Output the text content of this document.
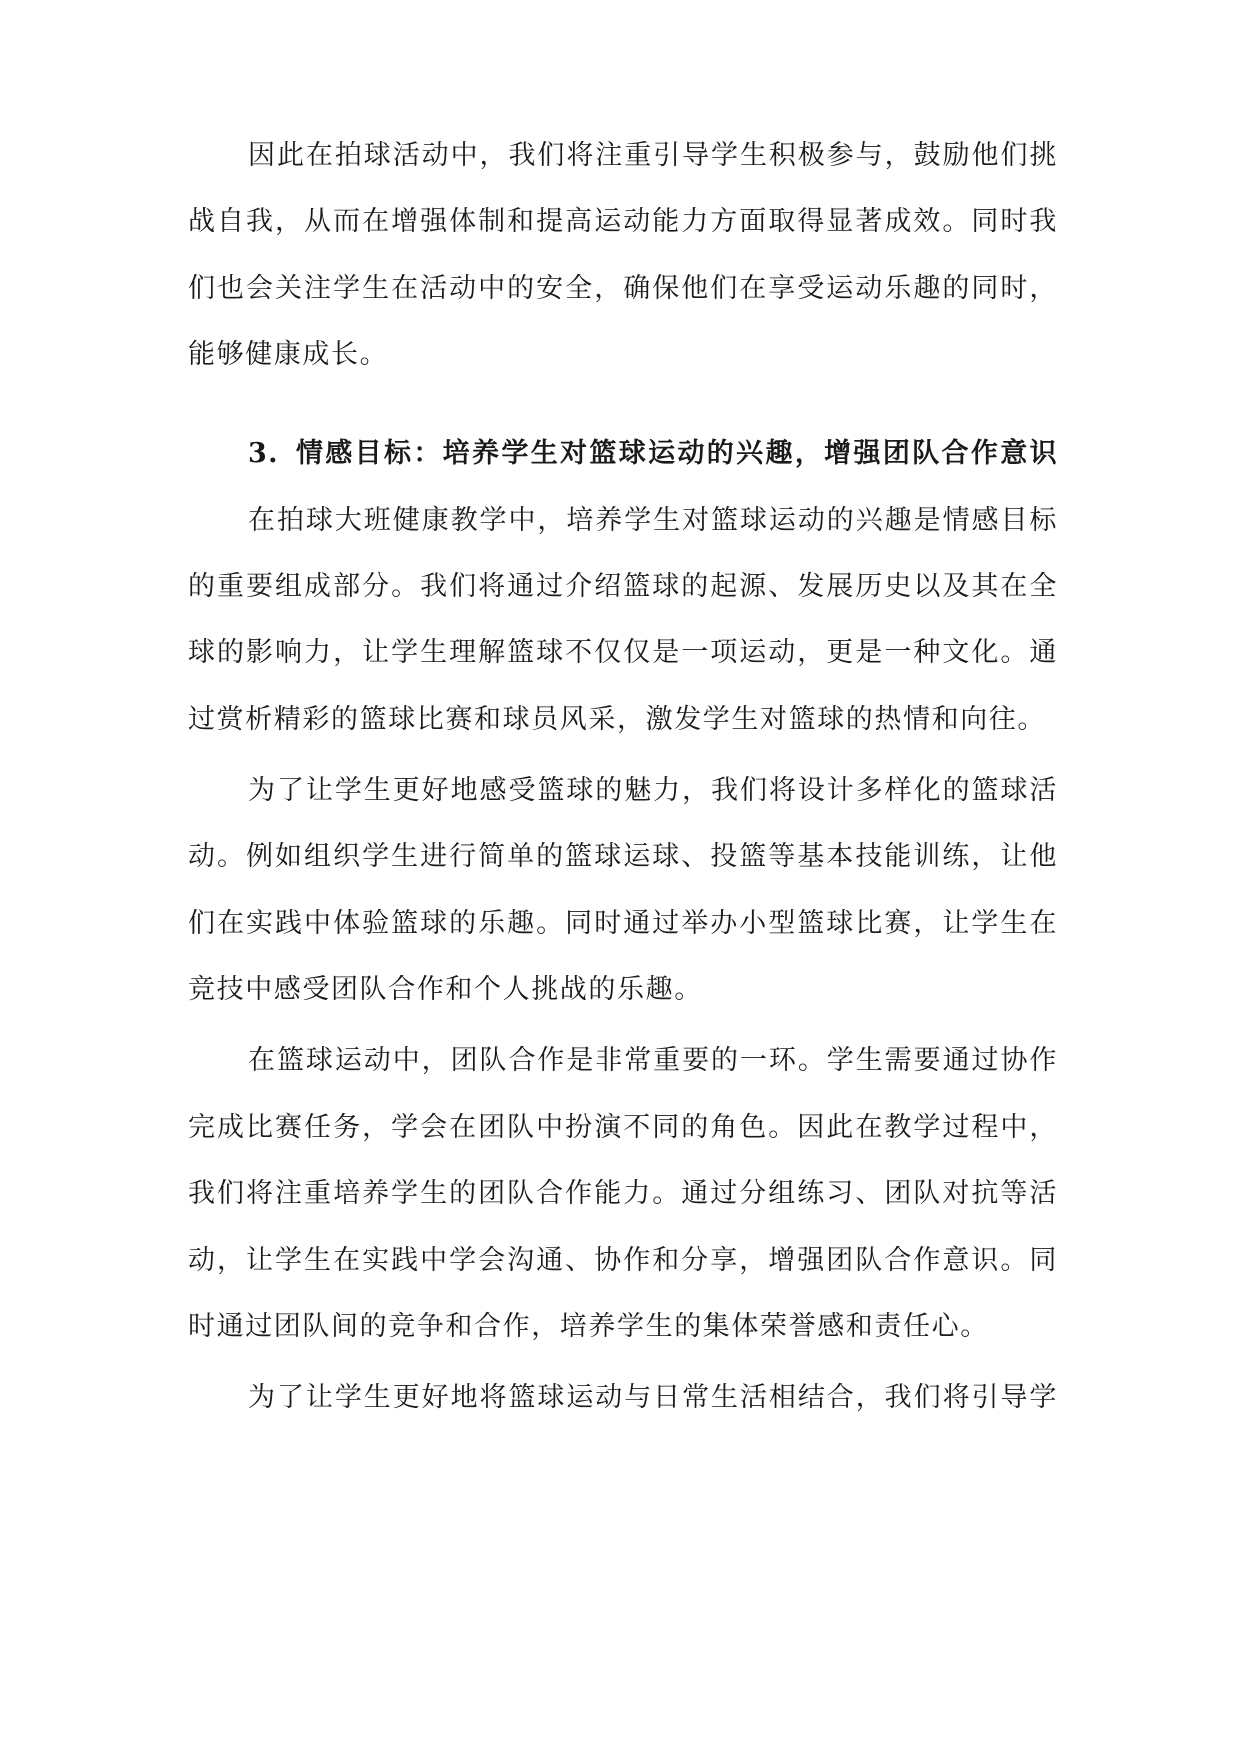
因此在拍球活动中，我们将注重引导学生积极参与，鼓励他们挑
战自我，从而在增强体制和提高运动能力方面取得显著成效。同时我
们也会关注学生在活动中的安全，确保他们在享受运动乐趣的同时，
能够健康成长。
3. 情感目标：培养学生对篮球运动的兴趣，增强团队合作意识
在拍球大班健康教学中，培养学生对篮球运动的兴趣是情感目标
的重要组成部分。我们将通过介绍篮球的起源、发展历史以及其在全
球的影响力，让学生理解篮球不仅仅是一项运动，更是一种文化。通
过赏析精彩的篮球比赛和球员风采，激发学生对篮球的热情和向往。
为了让学生更好地感受篮球的魅力，我们将设计多样化的篮球活
动。例如组织学生进行简单的篮球运球、投篮等基本技能训练，让他
们在实践中体验篮球的乐趣。同时通过举办小型篮球比赛，让学生在
竞技中感受团队合作和个人挑战的乐趣。
在篮球运动中，团队合作是非常重要的一环。学生需要通过协作
完成比赛任务，学会在团队中扮演不同的角色。因此在教学过程中，
我们将注重培养学生的团队合作能力。通过分组练习、团队对抗等活
动，让学生在实践中学会沟通、协作和分享，增强团队合作意识。同
时通过团队间的竞争和合作，培养学生的集体荣誉感和责任心。
为了让学生更好地将篮球运动与日常生活相结合，我们将引导学
